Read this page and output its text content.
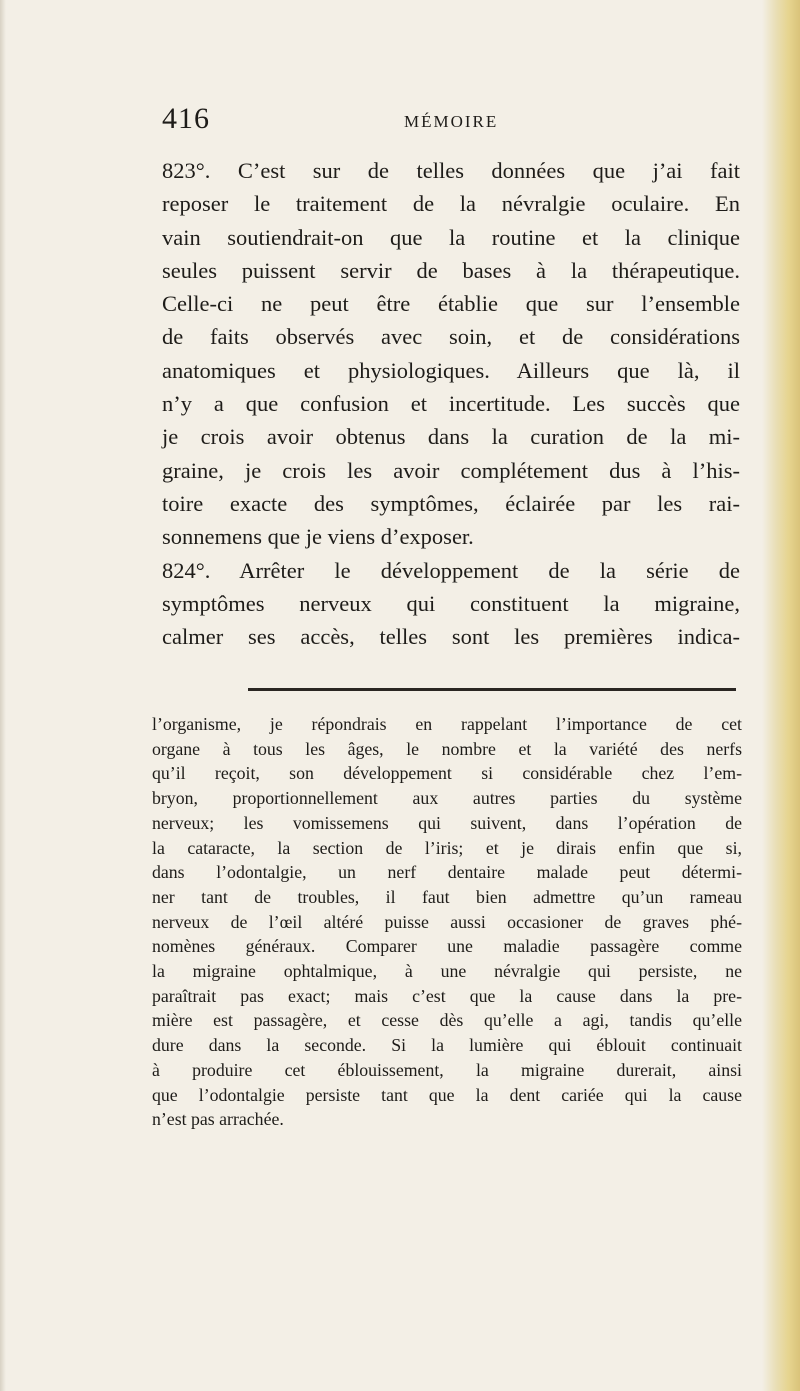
416	MÉMOIRE
823°. C’est sur de telles données que j’ai fait
reposer le traitement de la névralgie oculaire. En
vain soutiendrait-on que la routine et la clinique
seules puissent servir de bases à la thérapeutique.
Celle-ci ne peut être établie que sur l’ensemble
de faits observés avec soin, et de considérations
anatomiques et physiologiques. Ailleurs que là, il
n’y a que confusion et incertitude. Les succès que
je crois avoir obtenus dans la curation de la mi-
graine, je crois les avoir complétement dus à l’his-
toire exacte des symptômes, éclairée par les rai-
sonnemens que je viens d’exposer.
824°. Arrêter le développement de la série de
symptômes nerveux qui constituent la migraine,
calmer ses accès, telles sont les premières indica-
l’organisme, je répondrais en rappelant l’importance de cet
organe à tous les âges, le nombre et la variété des nerfs
qu’il reçoit, son développement si considérable chez l’em-
bryon, proportionnellement aux autres parties du système
nerveux; les vomissemens qui suivent, dans l’opération de
la cataracte, la section de l’iris; et je dirais enfin que si,
dans l’odontalgie, un nerf dentaire malade peut détermi-
ner tant de troubles, il faut bien admettre qu’un rameau
nerveux de l’œil altéré puisse aussi occasioner de graves phé-
nomènes généraux. Comparer une maladie passagère comme
la migraine ophtalmique, à une névralgie qui persiste, ne
paraîtrait pas exact; mais c’est que la cause dans la pre-
mière est passagère, et cesse dès qu’elle a agi, tandis qu’elle
dure dans la seconde. Si la lumière qui éblouit continuait
à produire cet éblouissement, la migraine durerait, ainsi
que l’odontalgie persiste tant que la dent cariée qui la cause
n’est pas arrachée.
